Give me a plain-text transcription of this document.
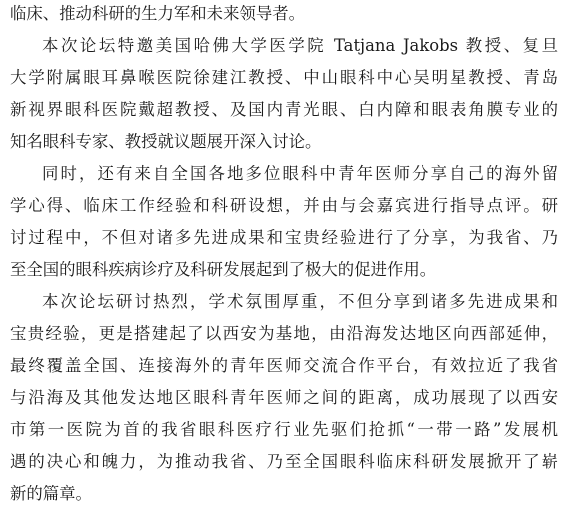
临床、推动科研的生力军和未来领导者。
本次论坛特邀美国哈佛大学医学院 Tatjana Jakobs 教授、复旦
大学附属眼耳鼻喉医院徐建江教授、中山眼科中心吴明星教授、青岛
新视界眼科医院戴超教授、及国内青光眼、白内障和眼表角膜专业的
知名眼科专家、教授就议题展开深入讨论。
同时，还有来自全国各地多位眼科中青年医师分享自己的海外留
学心得、临床工作经验和科研设想，并由与会嘉宾进行指导点评。研
讨过程中，不但对诸多先进成果和宝贵经验进行了分享，为我省、乃
至全国的眼科疾病诊疗及科研发展起到了极大的促进作用。
本次论坛研讨热烈，学术氛围厚重，不但分享到诸多先进成果和
宝贵经验，更是搭建起了以西安为基地，由沿海发达地区向西部延伸，
最终覆盖全国、连接海外的青年医师交流合作平台，有效拉近了我省
与沿海及其他发达地区眼科青年医师之间的距离，成功展现了以西安
市第一医院为首的我省眼科医疗行业先驱们抢抓“一带一路”发展机
遇的决心和魄力，为推动我省、乃至全国眼科临床科研发展掀开了崭
新的篇章。
